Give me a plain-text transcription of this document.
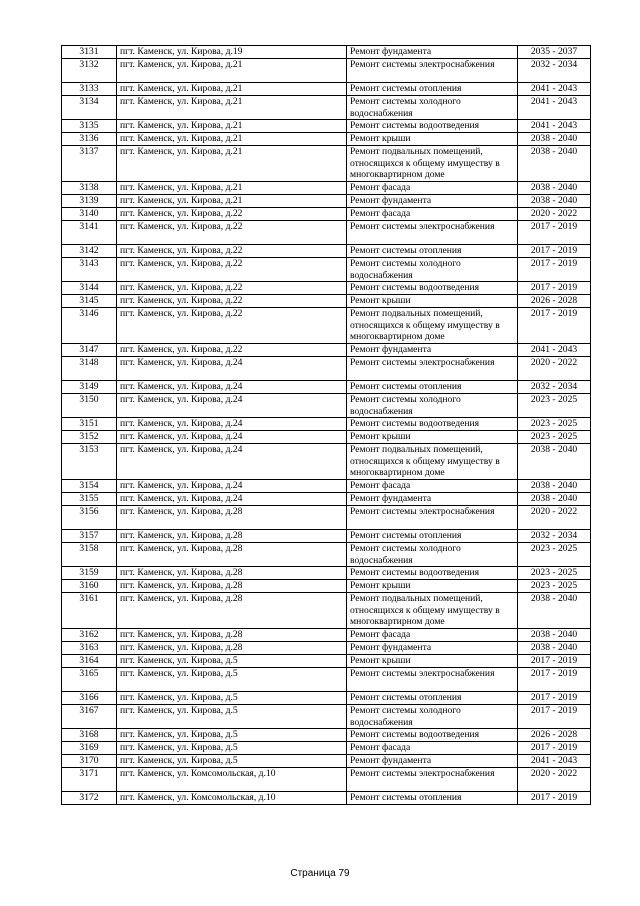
3131	пгт. Каменск, ул. Кирова, д.19	Ремонт фундамента	2035 - 2037
3132	пгт. Каменск, ул. Кирова, д.21	Ремонт системы электроснабжения	2032 - 2034
3133	пгт. Каменск, ул. Кирова, д.21	Ремонт системы отопления	2041 - 2043
3134	пгт. Каменск, ул. Кирова, д.21	Ремонт системы холодного водоснабжения	2041 - 2043
3135	пгт. Каменск, ул. Кирова, д.21	Ремонт системы водоотведения	2041 - 2043
3136	пгт. Каменск, ул. Кирова, д.21	Ремонт крыши	2038 - 2040
3137	пгт. Каменск, ул. Кирова, д.21	Ремонт подвальных помещений, относящихся к общему имуществу в многоквартирном доме	2038 - 2040
3138	пгт. Каменск, ул. Кирова, д.21	Ремонт фасада	2038 - 2040
3139	пгт. Каменск, ул. Кирова, д.21	Ремонт фундамента	2038 - 2040
3140	пгт. Каменск, ул. Кирова, д.22	Ремонт фасада	2020 - 2022
3141	пгт. Каменск, ул. Кирова, д.22	Ремонт системы электроснабжения	2017 - 2019
3142	пгт. Каменск, ул. Кирова, д.22	Ремонт системы отопления	2017 - 2019
3143	пгт. Каменск, ул. Кирова, д.22	Ремонт системы холодного водоснабжения	2017 - 2019
3144	пгт. Каменск, ул. Кирова, д.22	Ремонт системы водоотведения	2017 - 2019
3145	пгт. Каменск, ул. Кирова, д.22	Ремонт крыши	2026 - 2028
3146	пгт. Каменск, ул. Кирова, д.22	Ремонт подвальных помещений, относящихся к общему имуществу в многоквартирном доме	2017 - 2019
3147	пгт. Каменск, ул. Кирова, д.22	Ремонт фундамента	2041 - 2043
3148	пгт. Каменск, ул. Кирова, д.24	Ремонт системы электроснабжения	2020 - 2022
3149	пгт. Каменск, ул. Кирова, д.24	Ремонт системы отопления	2032 - 2034
3150	пгт. Каменск, ул. Кирова, д.24	Ремонт системы холодного водоснабжения	2023 - 2025
3151	пгт. Каменск, ул. Кирова, д.24	Ремонт системы водоотведения	2023 - 2025
3152	пгт. Каменск, ул. Кирова, д.24	Ремонт крыши	2023 - 2025
3153	пгт. Каменск, ул. Кирова, д.24	Ремонт подвальных помещений, относящихся к общему имуществу в многоквартирном доме	2038 - 2040
3154	пгт. Каменск, ул. Кирова, д.24	Ремонт фасада	2038 - 2040
3155	пгт. Каменск, ул. Кирова, д.24	Ремонт фундамента	2038 - 2040
3156	пгт. Каменск, ул. Кирова, д.28	Ремонт системы электроснабжения	2020 - 2022
3157	пгт. Каменск, ул. Кирова, д.28	Ремонт системы отопления	2032 - 2034
3158	пгт. Каменск, ул. Кирова, д.28	Ремонт системы холодного водоснабжения	2023 - 2025
3159	пгт. Каменск, ул. Кирова, д.28	Ремонт системы водоотведения	2023 - 2025
3160	пгт. Каменск, ул. Кирова, д.28	Ремонт крыши	2023 - 2025
3161	пгт. Каменск, ул. Кирова, д.28	Ремонт подвальных помещений, относящихся к общему имуществу в многоквартирном доме	2038 - 2040
3162	пгт. Каменск, ул. Кирова, д.28	Ремонт фасада	2038 - 2040
3163	пгт. Каменск, ул. Кирова, д.28	Ремонт фундамента	2038 - 2040
3164	пгт. Каменск, ул. Кирова, д.5	Ремонт крыши	2017 - 2019
3165	пгт. Каменск, ул. Кирова, д.5	Ремонт системы электроснабжения	2017 - 2019
3166	пгт. Каменск, ул. Кирова, д.5	Ремонт системы отопления	2017 - 2019
3167	пгт. Каменск, ул. Кирова, д.5	Ремонт системы холодного водоснабжения	2017 - 2019
3168	пгт. Каменск, ул. Кирова, д.5	Ремонт системы водоотведения	2026 - 2028
3169	пгт. Каменск, ул. Кирова, д.5	Ремонт фасада	2017 - 2019
3170	пгт. Каменск, ул. Кирова, д.5	Ремонт фундамента	2041 - 2043
3171	пгт. Каменск, ул. Комсомольская, д.10	Ремонт системы электроснабжения	2020 - 2022
3172	пгт. Каменск, ул. Комсомольская, д.10	Ремонт системы отопления	2017 - 2019
Страница 79
